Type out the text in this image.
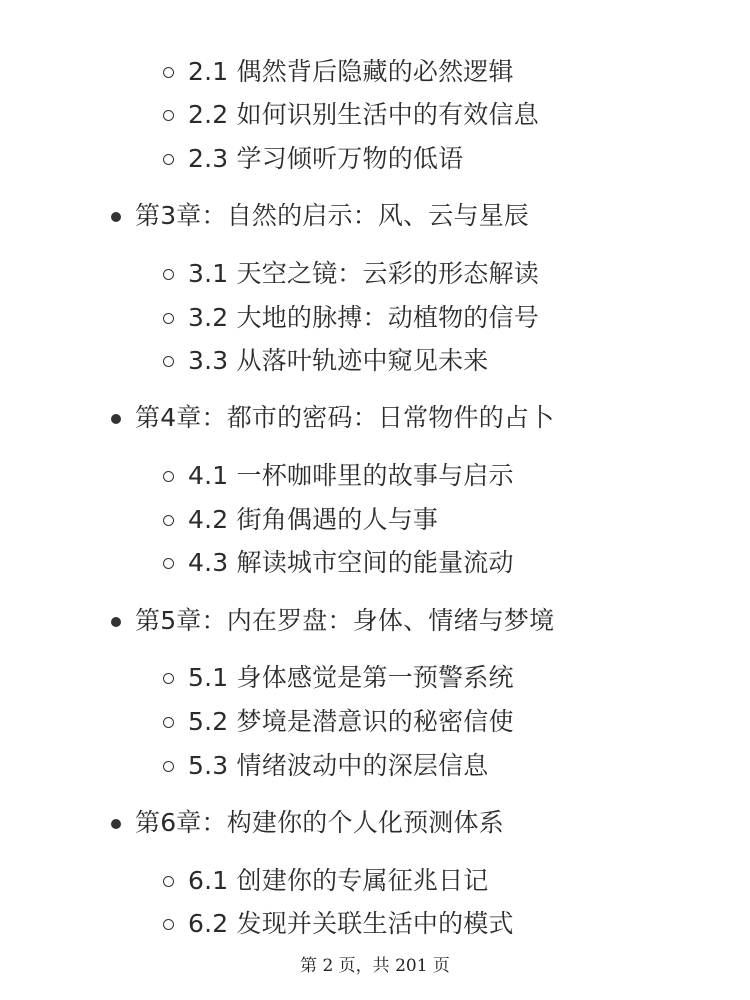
2.1 偶然背后隐藏的必然逻辑
2.2 如何识别生活中的有效信息
2.3 学习倾听万物的低语
第3章：自然的启示：风、云与星辰
3.1 天空之镜：云彩的形态解读
3.2 大地的脉搏：动植物的信号
3.3 从落叶轨迹中窥见未来
第4章：都市的密码：日常物件的占卜
4.1 一杯咖啡里的故事与启示
4.2 街角偶遇的人与事
4.3 解读城市空间的能量流动
第5章：内在罗盘：身体、情绪与梦境
5.1 身体感觉是第一预警系统
5.2 梦境是潜意识的秘密信使
5.3 情绪波动中的深层信息
第6章：构建你的个人化预测体系
6.1 创建你的专属征兆日记
6.2 发现并关联生活中的模式
第 2 页，共 201 页
